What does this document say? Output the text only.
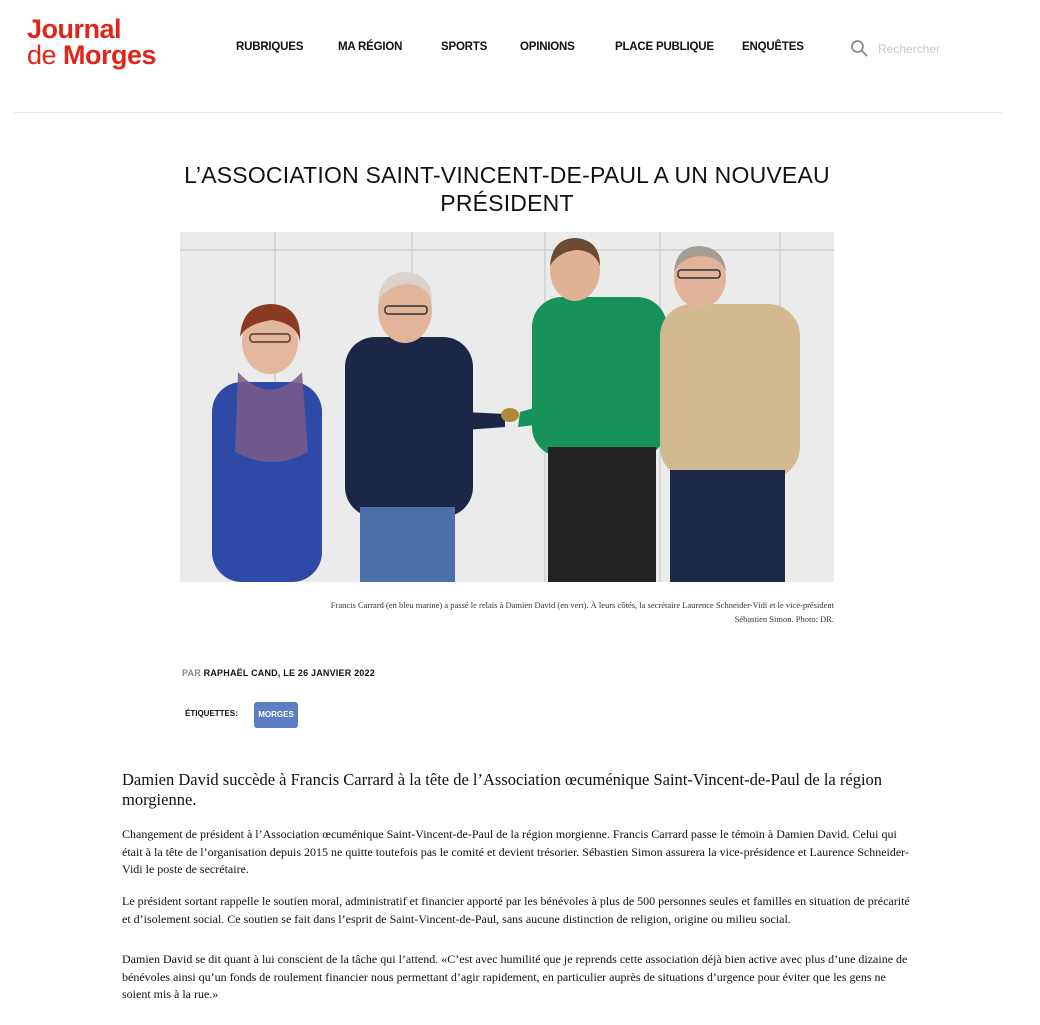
Journal
de Morges	RUBRIQUES	MA RÉGION	SPORTS	OPINIONS	PLACE PUBLIQUE ENQUÊTES
Rechercher
L’ASSOCIATION SAINT-VINCENT-DE-PAUL A UN NOUVEAU PRÉSIDENT
Francis Carrard (en bleu marine) a passé le relais à Damien David (en vert). À leurs côtés, la secrétaire Laurence Schneider-Vidi et le vice-président
Sébastien Simon. Photo: DR.
PAR RAPHAËL CAND, LE 26 JANVIER 2022
ÉTIQUETTES:	MORGES
Damien David succède à Francis Carrard à la tête de l’Association œcuménique Saint-Vincent-de-Paul de la région morgienne.

Changement de président à l’Association œcuménique Saint-Vincent-de-Paul de la région morgienne. Francis Carrard passe le témoin à Damien David. Celui qui était à la tête de l’organisation depuis 2015 ne quitte toutefois pas le comité et devient trésorier. Sébastien Simon assurera la vice-présidence et Laurence Schneider-Vidi le poste de secrétaire.

Le président sortant rappelle le soutien moral, administratif et financier apporté par les bénévoles à plus de 500 personnes seules et familles en situation de précarité et d’isolement social. Ce soutien se fait dans l’esprit de Saint-Vincent-de-Paul, sans aucune distinction de religion, origine ou milieu social.

Damien David se dit quant à lui conscient de la tâche qui l’attend. «C’est avec humilité que je reprends cette association déjà bien active avec plus d’une dizaine de bénévoles ainsi qu’un fonds de roulement financier nous permettant d’agir rapidement, en particulier auprès de situations d’urgence pour éviter que les gens ne soient mis à la rue.»
